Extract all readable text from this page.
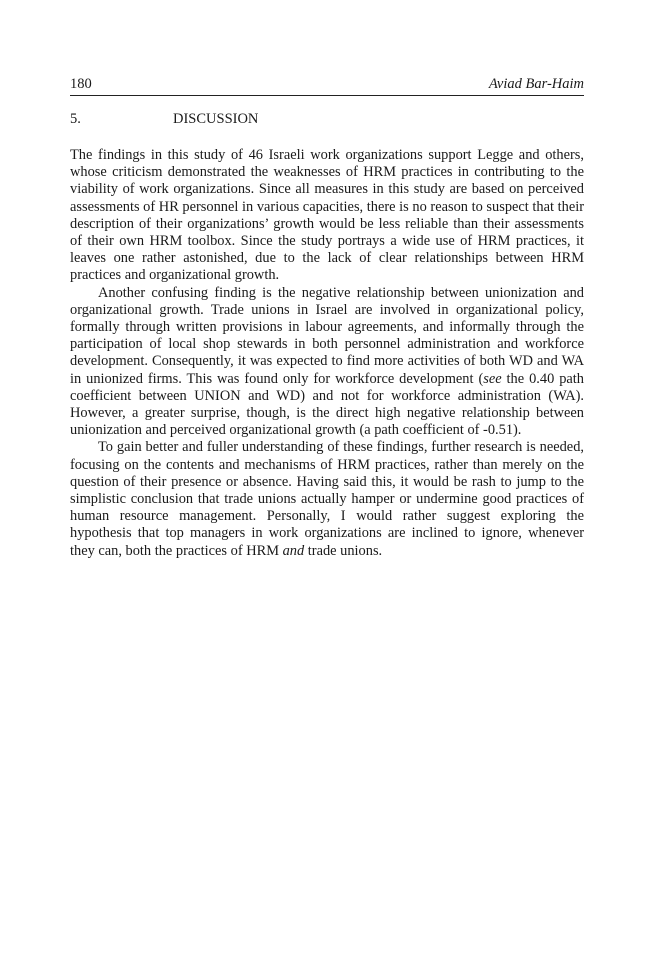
180	Aviad Bar-Haim
5.	DISCUSSION

The findings in this study of 46 Israeli work organizations support Legge and others, whose criticism demonstrated the weaknesses of HRM practices in contributing to the viability of work organizations. Since all measures in this study are based on perceived assessments of HR personnel in various capacities, there is no reason to suspect that their description of their organizations’ growth would be less reliable than their assessments of their own HRM toolbox. Since the study portrays a wide use of HRM practices, it leaves one rather astonished, due to the lack of clear relationships between HRM practices and organizational growth.

Another confusing finding is the negative relationship between unionization and organizational growth. Trade unions in Israel are involved in organizational policy, formally through written provisions in labour agreements, and informally through the participation of local shop stewards in both personnel administration and workforce development. Consequently, it was expected to find more activities of both WD and WA in unionized firms. This was found only for workforce development (see the 0.40 path coefficient between UNION and WD) and not for workforce administration (WA). However, a greater surprise, though, is the direct high negative relationship between unionization and perceived organizational growth (a path coefficient of -0.51).

To gain better and fuller understanding of these findings, further research is needed, focusing on the contents and mechanisms of HRM practices, rather than merely on the question of their presence or absence. Having said this, it would be rash to jump to the simplistic conclusion that trade unions actually hamper or undermine good practices of human resource management. Personally, I would rather suggest exploring the hypothesis that top managers in work organizations are inclined to ignore, whenever they can, both the practices of HRM and trade unions.
